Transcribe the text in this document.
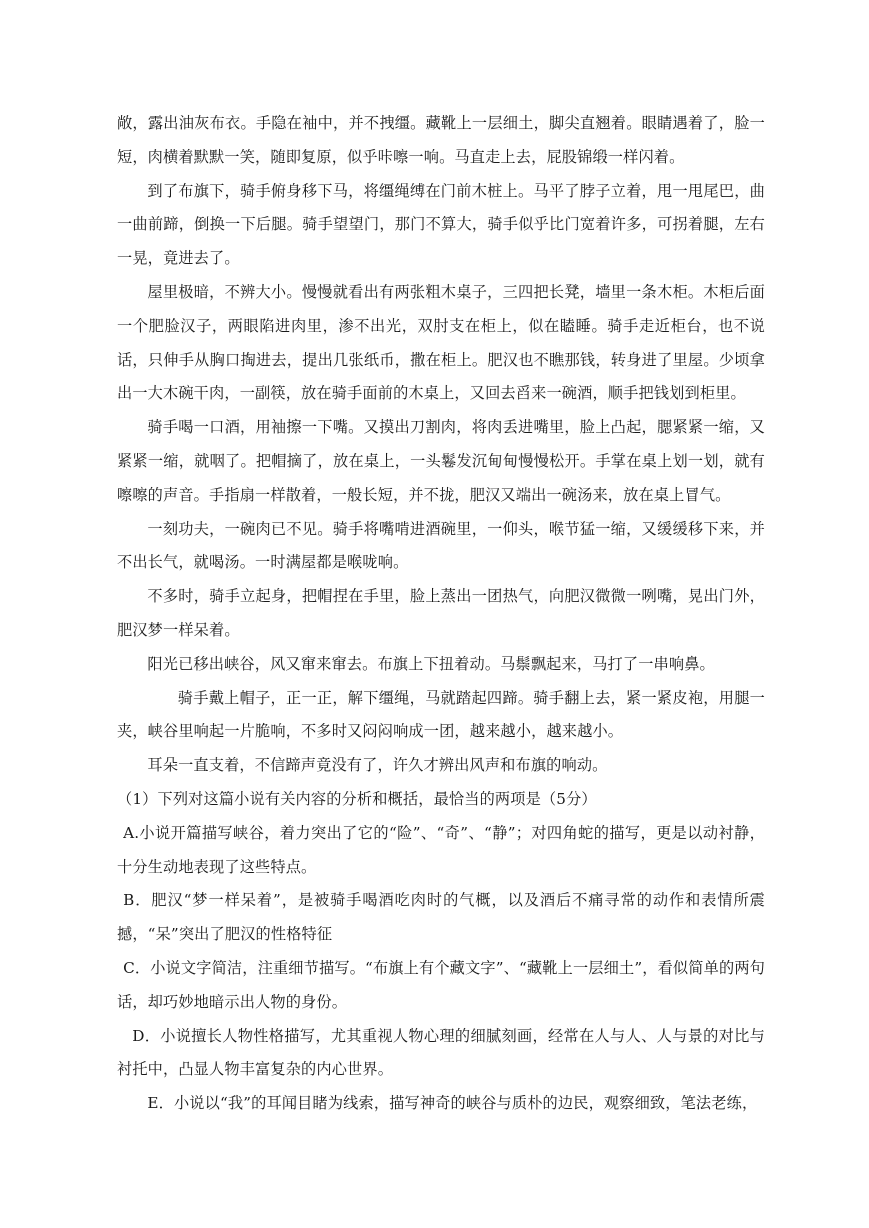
敞，露出油灰布衣。手隐在袖中，并不拽缰。藏靴上一层细土，脚尖直翘着。眼睛遇着了，脸一短，肉横着默默一笑，随即复原，似乎咔嚓一响。马直走上去，屁股锦缎一样闪着。

到了布旗下，骑手俯身移下马，将缰绳缚在门前木桩上。马平了脖子立着，甩一甩尾巴，曲一曲前蹄，倒换一下后腿。骑手望望门，那门不算大，骑手似乎比门宽着许多，可拐着腿，左右一晃，竟进去了。

屋里极暗，不辨大小。慢慢就看出有两张粗木桌子，三四把长凳，墙里一条木柜。木柜后面一个肥脸汉子，两眼陷进肉里，渗不出光，双肘支在柜上，似在瞌睡。骑手走近柜台，也不说话，只伸手从胸口掏进去，提出几张纸币，撒在柜上。肥汉也不瞧那钱，转身进了里屋。少顷拿出一大木碗干肉，一副筷，放在骑手面前的木桌上，又回去舀来一碗酒，顺手把钱划到柜里。

骑手喝一口酒，用袖擦一下嘴。又摸出刀割肉，将肉丢进嘴里，脸上凸起，腮紧紧一缩，又紧紧一缩，就咽了。把帽摘了，放在桌上，一头鬈发沉甸甸慢慢松开。手掌在桌上划一划，就有嚓嚓的声音。手指扇一样散着，一般长短，并不拢，肥汉又端出一碗汤来，放在桌上冒气。

一刻功夫，一碗肉已不见。骑手将嘴啃进酒碗里，一仰头，喉节猛一缩，又缓缓移下来，并不出长气，就喝汤。一时满屋都是喉咙响。

不多时，骑手立起身，把帽捏在手里，脸上蒸出一团热气，向肥汉微微一咧嘴，晃出门外，肥汉梦一样呆着。

阳光已移出峡谷，风又窜来窜去。布旗上下扭着动。马鬃飘起来，马打了一串响鼻。

骑手戴上帽子，正一正，解下缰绳，马就踏起四蹄。骑手翻上去，紧一紧皮袍，用腿一夹，峡谷里响起一片脆响，不多时又闷闷响成一团，越来越小，越来越小。

耳朵一直支着，不信蹄声竟没有了，许久才辨出风声和布旗的响动。

（1）下列对这篇小说有关内容的分析和概括，最恰当的两项是（5分）

A.小说开篇描写峡谷，着力突出了它的“险”、“奇”、“静”；对四角蛇的描写，更是以动衬静，十分生动地表现了这些特点。

B．肥汉“梦一样呆着”，是被骑手喝酒吃肉时的气概，以及酒后不痛寻常的动作和表情所震撼，“呆”突出了肥汉的性格特征

C．小说文字简洁，注重细节描写。“布旗上有个藏文字”、“藏靴上一层细土”，看似简单的两句话，却巧妙地暗示出人物的身份。

D．小说擅长人物性格描写，尤其重视人物心理的细腻刻画，经常在人与人、人与景的对比与衬托中，凸显人物丰富复杂的内心世界。

E．小说以“我”的耳闻目睹为线索，描写神奇的峡谷与质朴的边民，观察细致，笔法老练，
